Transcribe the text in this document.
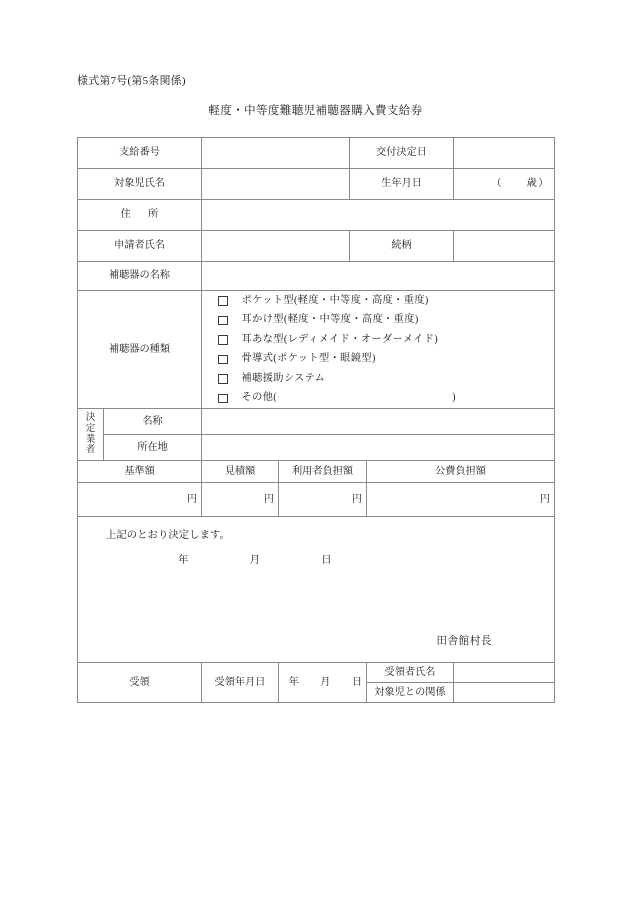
様式第7号(第5条関係)
軽度・中等度難聴児補聴器購入費支給券
支給番号				交付決定日		
対象児氏名				生年月日		（　　歳）
住　所						
申請者氏名				続柄		
補聴器の名称						
補聴器の種類	
ポケット型(軽度・中等度・高度・重度)
耳かけ型(軽度・中等度・高度・重度)
耳あな型(レディメイド・オーダーメイド)
骨導式(ポケット型・眼鏡型)
補聴援助システム
その他(	)

決
定
業
者	名称					
	所在地					
基準額		見積額	利用者負担額		公費負担額	
円		円	円		円	

上記のとおり決定します。
年 月 日
田舎館村長						

受領		受領年月日	年　月　日		受領者氏名	
					対象児との関係	
